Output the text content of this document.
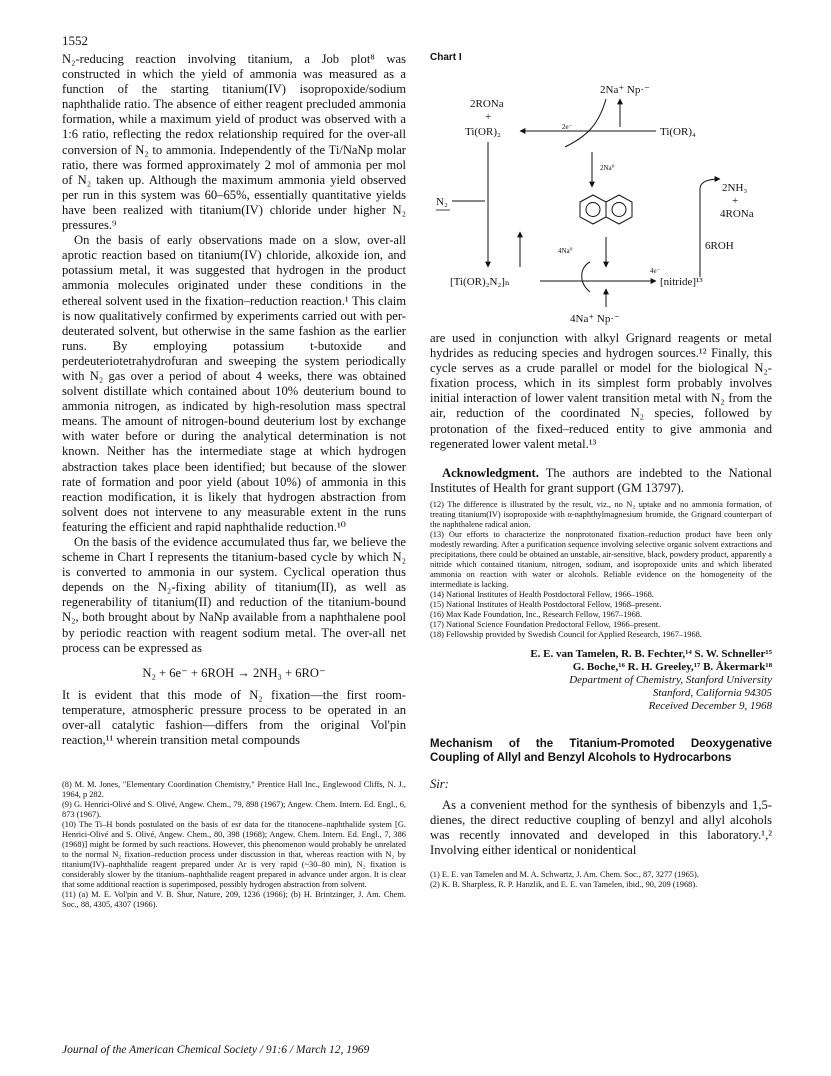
1552

N₂-reducing reaction involving titanium, a Job plot⁸ was constructed in which the yield of ammonia was measured as a function of the starting titanium(IV) isopropoxide/sodium naphthalide ratio. The absence of either reagent precluded ammonia formation, while a maximum yield of product was observed with a 1:6 ratio, reflecting the redox relationship required for the over-all conversion of N₂ to ammonia. Independently of the Ti/NaNp molar ratio, there was formed approximately 2 mol of ammonia per mol of N₂ taken up. Although the maximum ammonia yield observed per run in this system was 60–65%, essentially quantitative yields have been realized with titanium(IV) chloride under higher N₂ pressures.⁹

On the basis of early observations made on a slow, over-all aprotic reaction based on titanium(IV) chloride, alkoxide ion, and potassium metal, it was suggested that hydrogen in the product ammonia molecules originated under these conditions in the ethereal solvent used in the fixation–reduction reaction.¹ This claim is now qualitatively confirmed by experiments carried out with per-deuterated solvent, but otherwise in the same fashion as the earlier runs. By employing potassium t-butoxide and perdeuteriotetrahydrofuran and sweeping the system periodically with N₂ gas over a period of about 4 weeks, there was obtained solvent distillate which contained about 10% deuterium bound to ammonia nitrogen, as indicated by high-resolution mass spectral means. The amount of nitrogen-bound deuterium lost by exchange with water before or during the analytical determination is not known. Neither has the intermediate stage at which hydrogen abstraction takes place been identified; but because of the slower rate of formation and poor yield (about 10%) of ammonia in this reaction modification, it is likely that hydrogen abstraction from solvent does not intervene to any measurable extent in the runs featuring the efficient and rapid naphthalide reduction.¹⁰

On the basis of the evidence accumulated thus far, we believe the scheme in Chart I represents the titanium-based cycle by which N₂ is converted to ammonia in our system. Cyclical operation thus depends on the N₂-fixing ability of titanium(II), as well as regenerability of titanium(II) and reduction of the titanium-bound N₂, both brought about by NaNp available from a naphthalene pool by periodic reaction with reagent sodium metal. The over-all net process can be expressed as

N₂ + 6e⁻ + 6ROH → 2NH₃ + 6RO⁻

It is evident that this mode of N₂ fixation—the first room-temperature, atmospheric pressure process to be operated in an over-all catalytic fashion—differs from the original Vol'pin reaction,¹¹ wherein transition metal compounds

(8) M. M. Jones, "Elementary Coordination Chemistry," Prentice Hall Inc., Englewood Cliffs, N. J., 1964, p 282.

(9) G. Henrici-Olivé and S. Olivé, Angew. Chem., 79, 898 (1967); Angew. Chem. Intern. Ed. Engl., 6, 873 (1967).

(10) The Ti–H bonds postulated on the basis of esr data for the titanocene–naphthalide system [G. Henrici-Olivé and S. Olivé, Angew. Chem., 80, 398 (1968); Angew. Chem. Intern. Ed. Engl., 7, 386 (1968)] might be formed by such reactions. However, this phenomenon would probably be unrelated to the normal N₂ fixation–reduction process under discussion in that, whereas reaction with N₂ by titanium(IV)–naphthalide reagent prepared under Ar is very rapid (~30–80 min), N₂ fixation is considerably slower by the titanium–naphthalide reagent prepared in advance under argon. It is clear that some additional reaction is superimposed, possibly hydrogen abstraction from solvent.

(11) (a) M. E. Vol'pin and V. B. Shur, Nature, 209, 1236 (1966); (b) H. Brintzinger, J. Am. Chem. Soc., 88, 4305, 4307 (1966).

Chart I
2Na⁺ Np·⁻
2RONa
+
Ti(OR)₂	2e⁻	Ti(OR)₄
2Na⁰
2NH₃
+
4RONa
6ROH
N₂
4Na⁰
4e⁻
[Ti(OR)₂N₂]ₙ	[nitride]¹³
4Na⁺ Np·⁻

are used in conjunction with alkyl Grignard reagents or metal hydrides as reducing species and hydrogen sources.¹² Finally, this cycle serves as a crude parallel or model for the biological N₂-fixation process, which in its simplest form probably involves initial interaction of lower valent transition metal with N₂ from the air, reduction of the coordinated N₂ species, followed by protonation of the fixed–reduced entity to give ammonia and regenerated lower valent metal.¹³

Acknowledgment. The authors are indebted to the National Institutes of Health for grant support (GM 13797).

(12) The difference is illustrated by the result, viz., no N₂ uptake and no ammonia formation, of treating titanium(IV) isopropoxide with α-naphthylmagnesium bromide, the Grignard counterpart of the naphthalene radical anion.

(13) Our efforts to characterize the nonprotonated fixation–reduction product have been only modestly rewarding. After a purification sequence involving selective organic solvent extractions and precipitations, there could be obtained an unstable, air-sensitive, black, powdery product, apparently a nitride which contained titanium, nitrogen, sodium, and isopropoxide units and which liberated ammonia on reaction with water or alcohols. Reliable evidence on the homogeneity of the intermediate is lacking.

(14) National Institutes of Health Postdoctoral Fellow, 1966–1968.

(15) National Institutes of Health Postdoctoral Fellow, 1968–present.

(16) Max Kade Foundation, Inc., Research Fellow, 1967–1968.

(17) National Science Foundation Predoctoral Fellow, 1966–present.

(18) Fellowship provided by Swedish Council for Applied Research, 1967–1968.

E. E. van Tamelen, R. B. Fechter,¹⁴ S. W. Schneller¹⁵
G. Boche,¹⁶ R. H. Greeley,¹⁷ B. Åkermark¹⁸
Department of Chemistry, Stanford University
Stanford, California 94305
Received December 9, 1968
Mechanism of the Titanium-Promoted Deoxygenative Coupling of Allyl and Benzyl Alcohols to Hydrocarbons
Sir:

As a convenient method for the synthesis of bibenzyls and 1,5-dienes, the direct reductive coupling of benzyl and allyl alcohols was recently innovated and developed in this laboratory.¹,² Involving either identical or nonidentical

(1) E. E. van Tamelen and M. A. Schwartz, J. Am. Chem. Soc., 87, 3277 (1965).

(2) K. B. Sharpless, R. P. Hanzlik, and E. E. van Tamelen, ibid., 90, 209 (1968).

Journal of the American Chemical Society / 91:6 / March 12, 1969
